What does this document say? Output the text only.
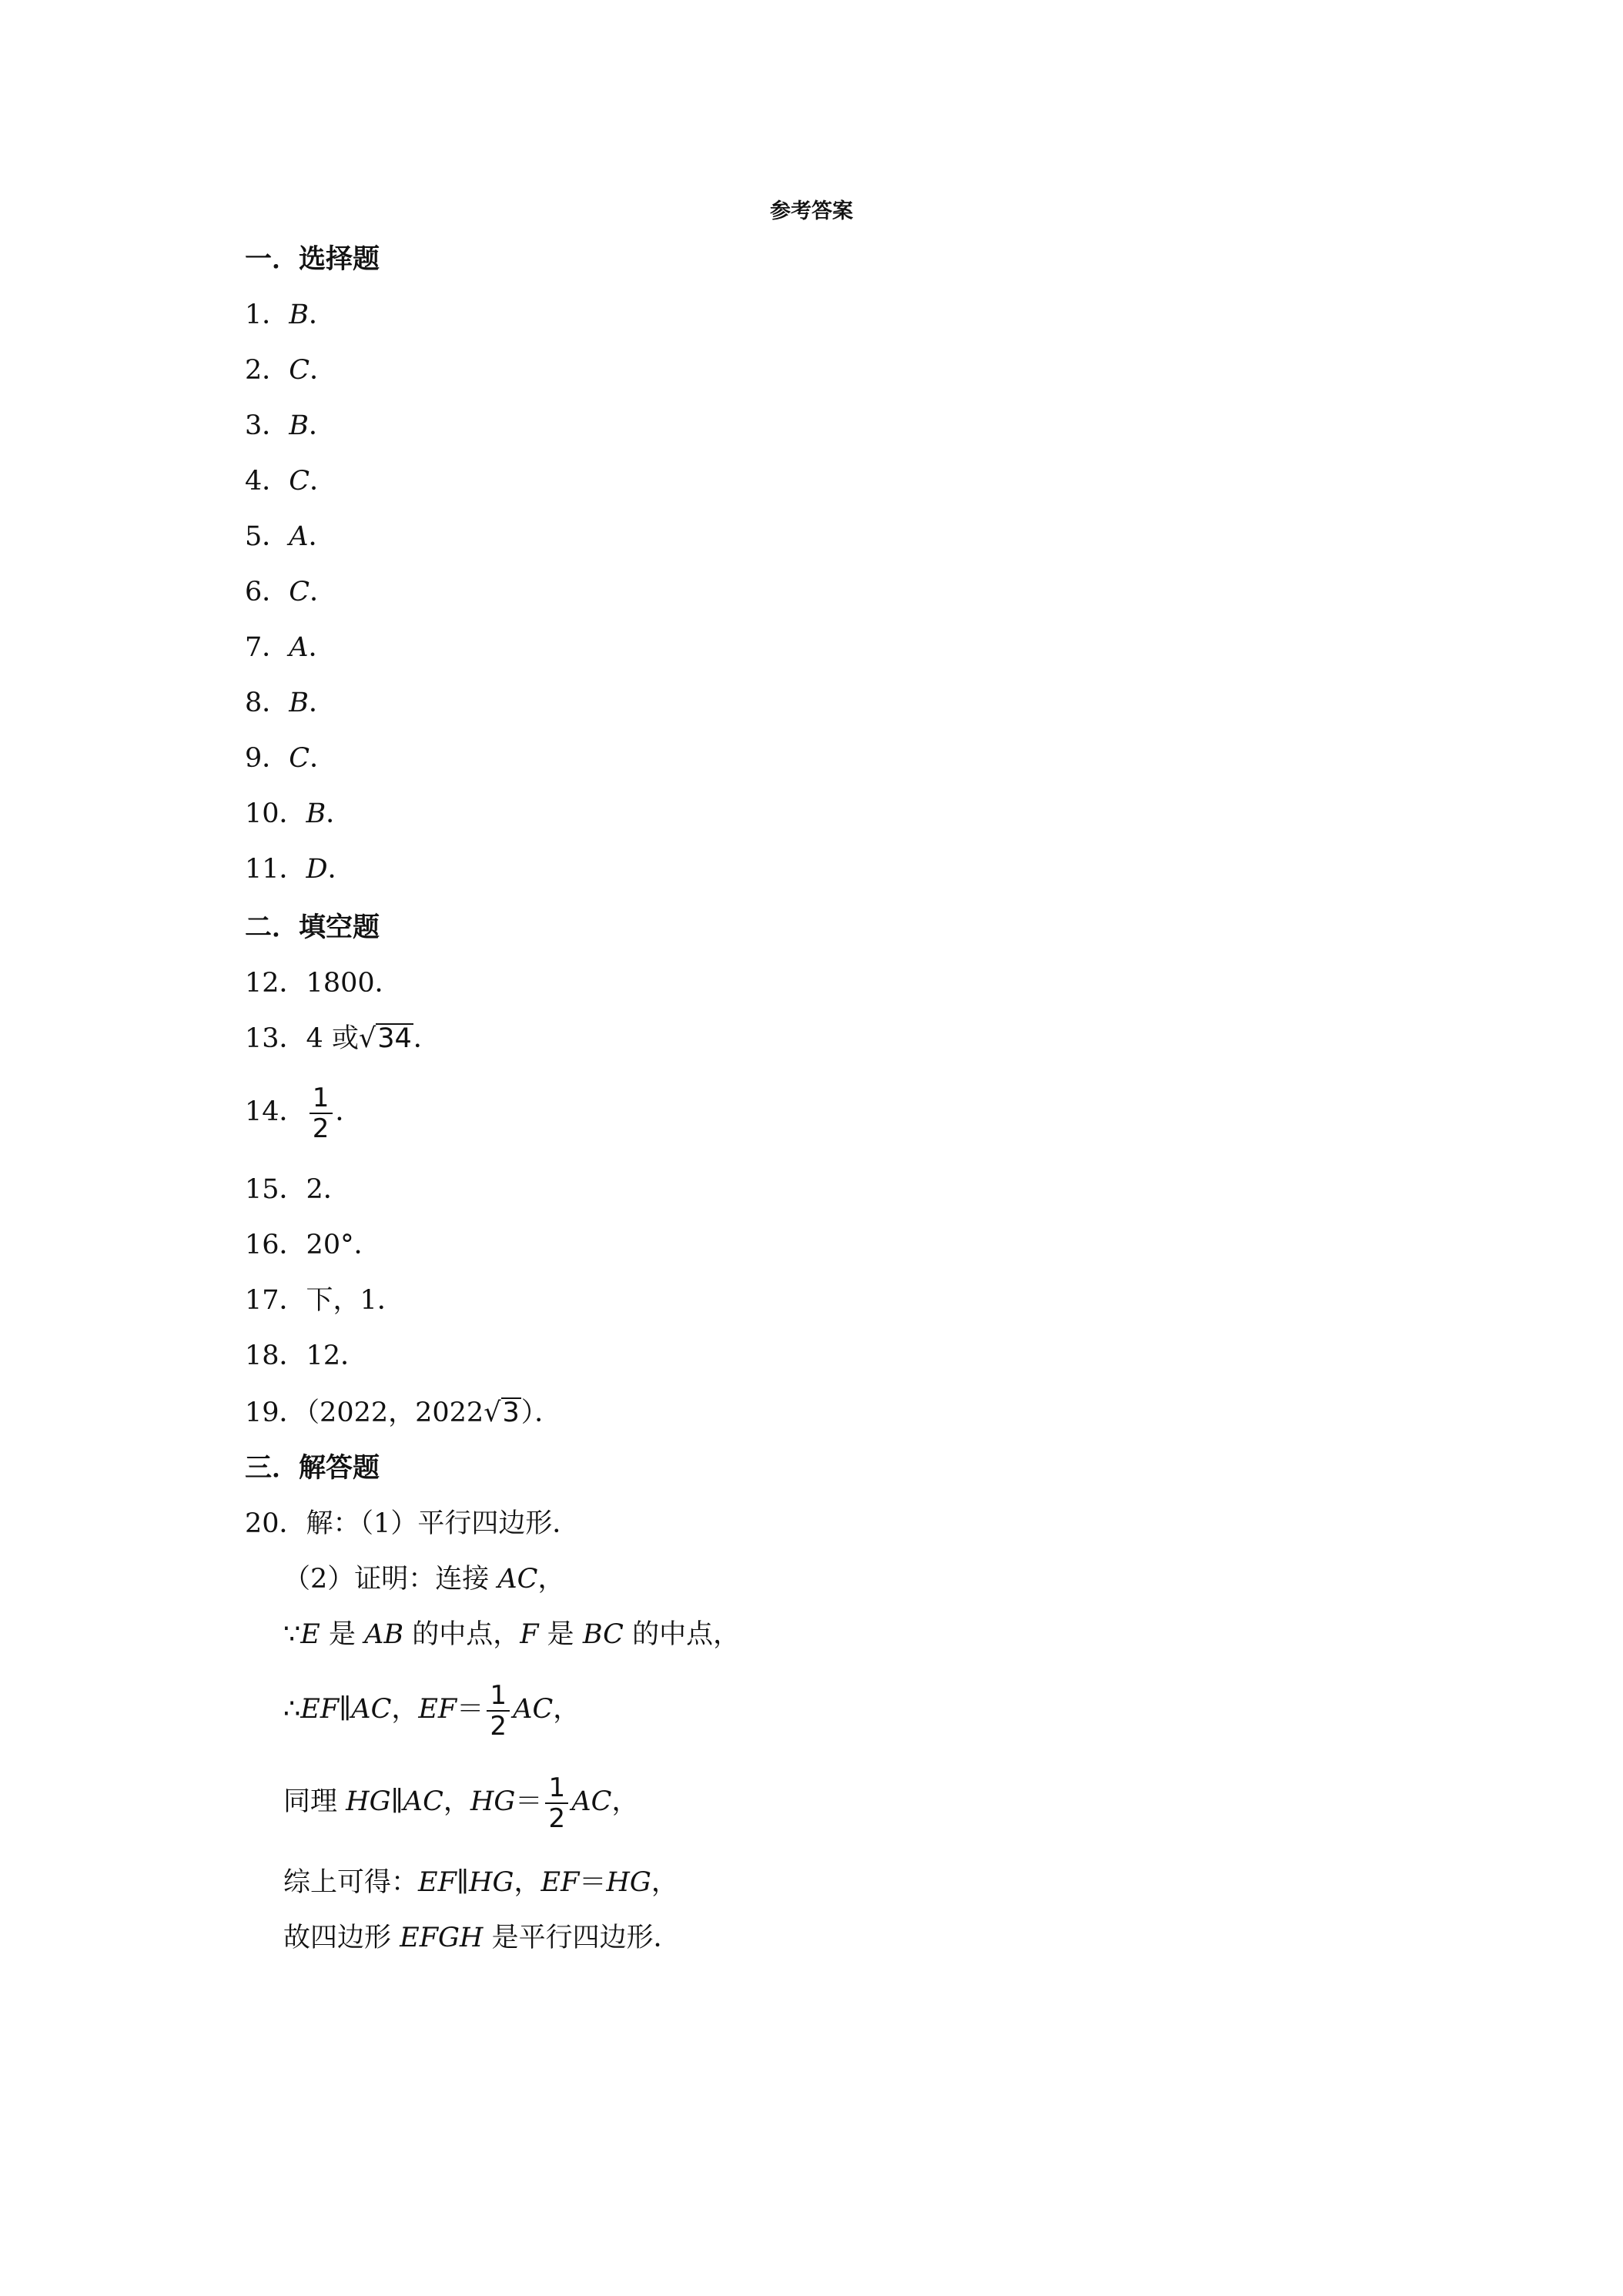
参考答案
一．选择题
1．B．
2．C．
3．B．
4．C．
5．A．
6．C．
7．A．
8．B．
9．C．
10．B．
11．D．
二．填空题
12．1800．
13．4 或√34．
14． $\frac{1}{2}$ ．
15．2．
16．20°．
17．下，1．
18．12．
19．（2022，2022√3）．
三．解答题
20．解：（1）平行四边形．
（2）证明：连接 AC，
∵E 是 AB 的中点，F 是 BC 的中点，
∴EF∥AC，$EF= \frac{1}{2}$ AC，
同理 HG∥AC，$HG= \frac{1}{2}$ AC，
综上可得：EF∥HG，EF＝HG，
故四边形 EFGH 是平行四边形．
